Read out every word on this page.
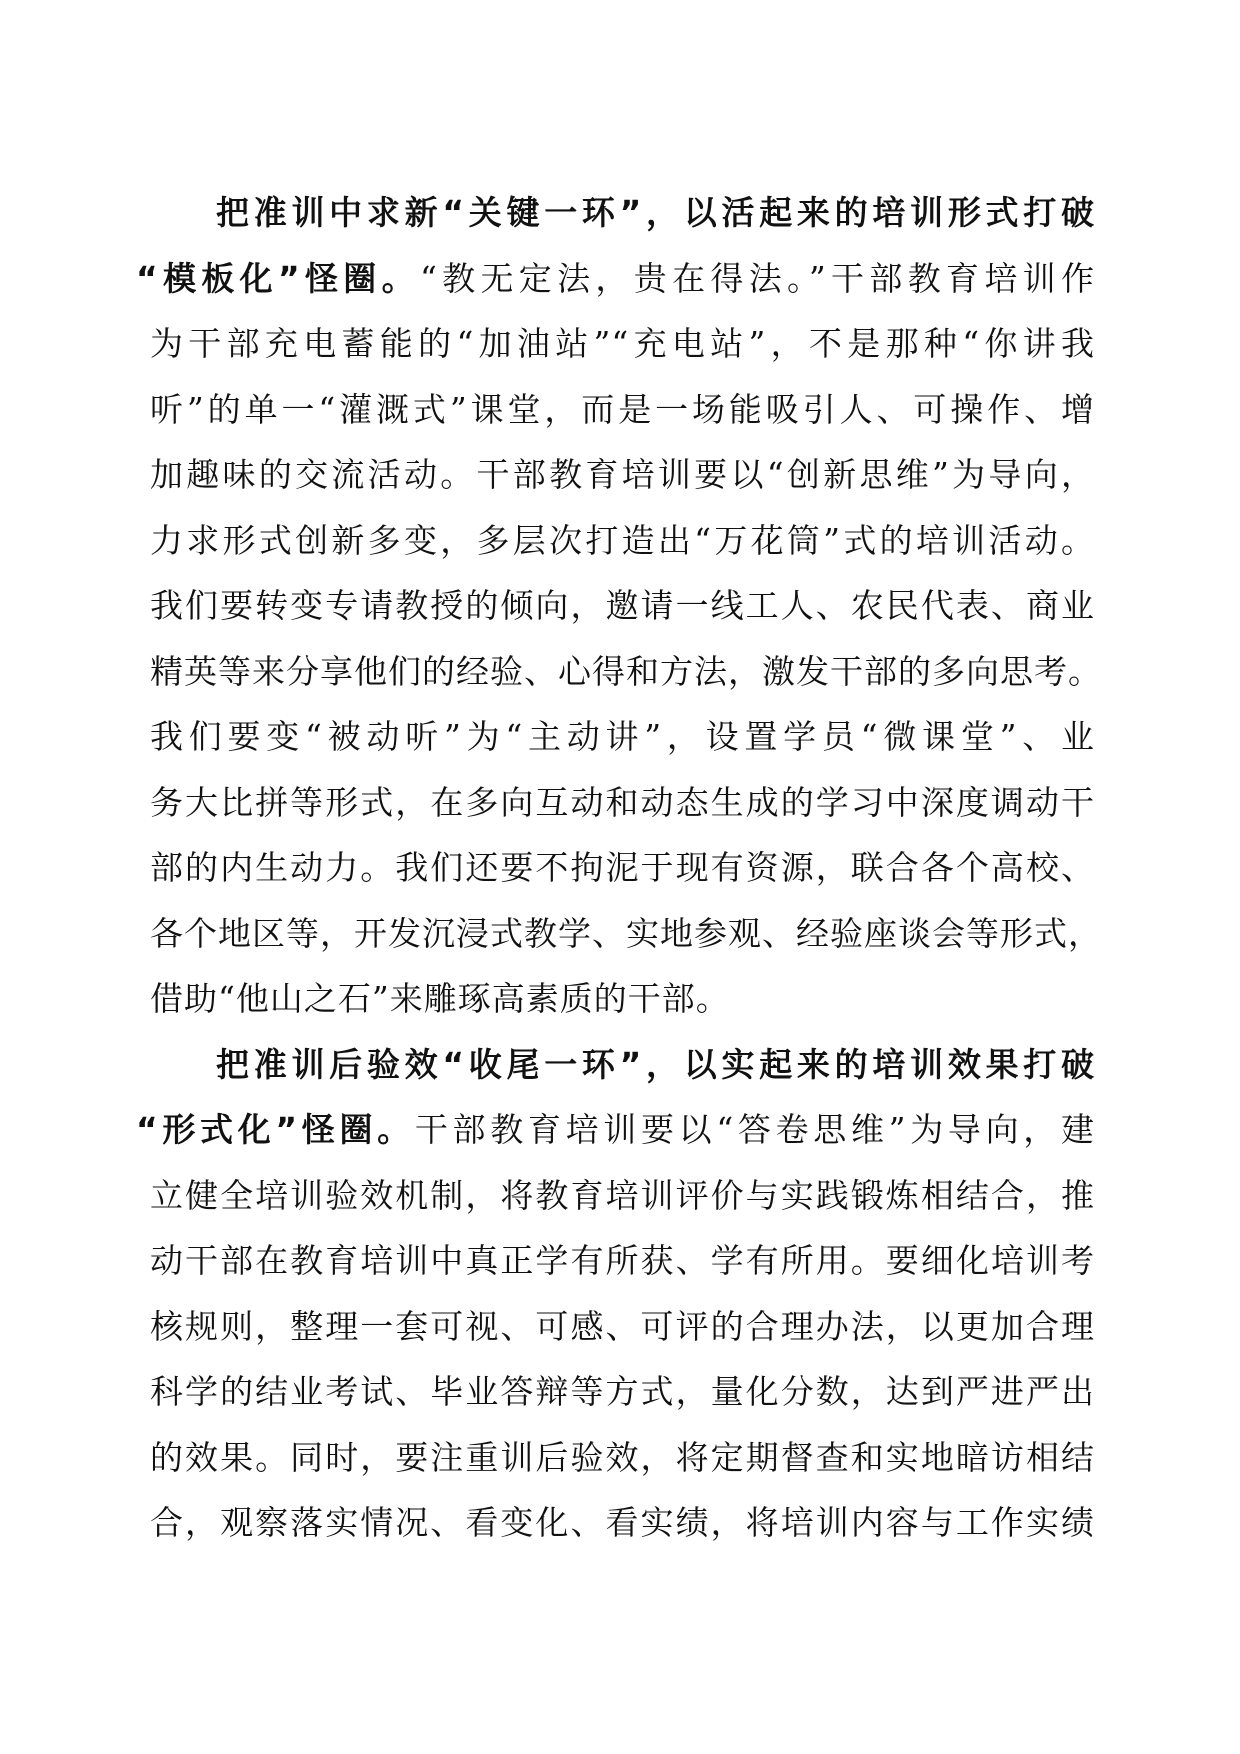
把准训中求新“关键一环”，以活起来的培训形式打破
“模板化”怪圈。“教无定法，贵在得法。”干部教育培训作
为干部充电蓄能的“加油站”“充电站”，不是那种“你讲我
听”的单一“灌溉式”课堂，而是一场能吸引人、可操作、增
加趣味的交流活动。干部教育培训要以“创新思维”为导向，
力求形式创新多变，多层次打造出“万花筒”式的培训活动。
我们要转变专请教授的倾向，邀请一线工人、农民代表、商业
精英等来分享他们的经验、心得和方法，激发干部的多向思考。
我们要变“被动听”为“主动讲”，设置学员“微课堂”、业
务大比拼等形式，在多向互动和动态生成的学习中深度调动干
部的内生动力。我们还要不拘泥于现有资源，联合各个高校、
各个地区等，开发沉浸式教学、实地参观、经验座谈会等形式，
借助“他山之石”来雕琢高素质的干部。
把准训后验效“收尾一环”，以实起来的培训效果打破
“形式化”怪圈。干部教育培训要以“答卷思维”为导向，建
立健全培训验效机制，将教育培训评价与实践锻炼相结合，推
动干部在教育培训中真正学有所获、学有所用。要细化培训考
核规则，整理一套可视、可感、可评的合理办法，以更加合理
科学的结业考试、毕业答辩等方式，量化分数，达到严进严出
的效果。同时，要注重训后验效，将定期督查和实地暗访相结
合，观察落实情况、看变化、看实绩，将培训内容与工作实绩
